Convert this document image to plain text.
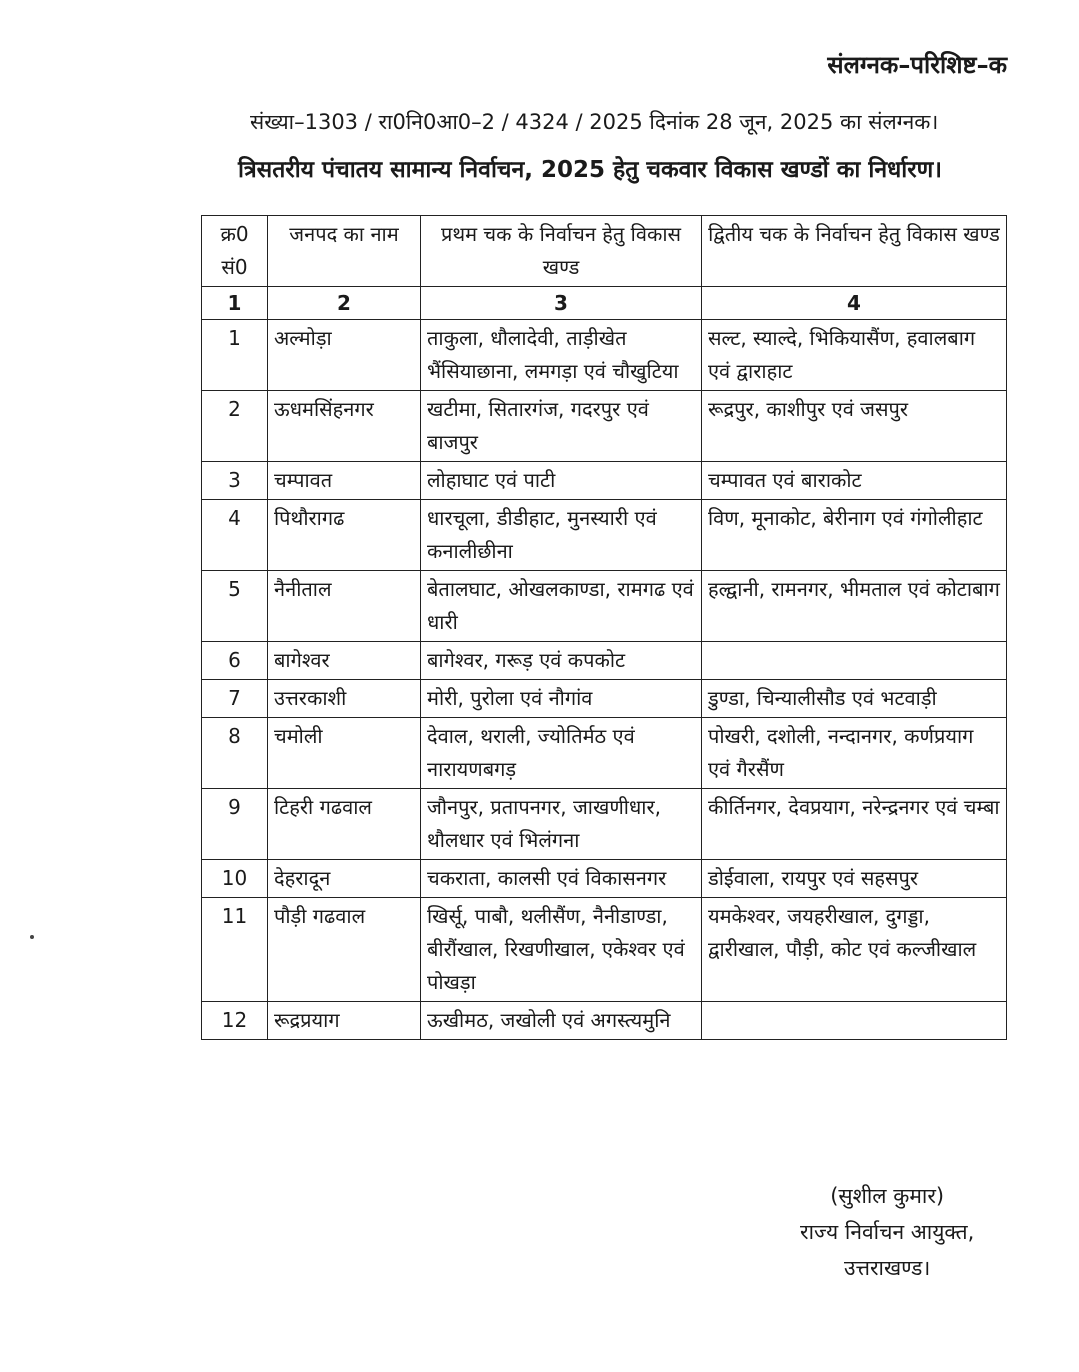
संलग्नक–परिशिष्ट–क
संख्या–1303 / रा0नि0आ0–2 / 4324 / 2025 दिनांक 28 जून, 2025 का संलग्नक।
त्रिसतरीय पंचातय सामान्य निर्वाचन, 2025 हेतु चकवार विकास खण्डों का निर्धारण।
क्र0 सं0	जनपद का नाम	प्रथम चक के निर्वाचन हेतु विकास खण्ड	द्वितीय चक के निर्वाचन हेतु विकास खण्ड
1	2	3	4
1	अल्मोड़ा	ताकुला, धौलादेवी, ताड़ीखेत भैंसियाछाना, लमगड़ा एवं चौखुटिया	सल्ट, स्याल्दे, भिकियासैंण, हवालबाग एवं द्वाराहाट
2	ऊधमसिंहनगर	खटीमा, सितारगंज, गदरपुर एवं बाजपुर	रूद्रपुर, काशीपुर एवं जसपुर
3	चम्पावत	लोहाघाट एवं पाटी	चम्पावत एवं बाराकोट
4	पिथौरागढ	धारचूला, डीडीहाट, मुनस्यारी एवं कनालीछीना	विण, मूनाकोट, बेरीनाग एवं गंगोलीहाट
5	नैनीताल	बेतालघाट, ओखलकाण्डा, रामगढ एवं धारी	हल्द्वानी, रामनगर, भीमताल एवं कोटाबाग
6	बागेश्वर	बागेश्वर, गरूड़ एवं कपकोट	
7	उत्तरकाशी	मोरी, पुरोला एवं नौगांव	डुण्डा, चिन्यालीसौड एवं भटवाड़ी
8	चमोली	देवाल, थराली, ज्योतिर्मठ एवं नारायणबगड़	पोखरी, दशोली, नन्दानगर, कर्णप्रयाग एवं गैरसैंण
9	टिहरी गढवाल	जौनपुर, प्रतापनगर, जाखणीधार, थौलधार एवं भिलंगना	कीर्तिनगर, देवप्रयाग, नरेन्द्रनगर एवं चम्बा
10	देहरादून	चकराता, कालसी एवं विकासनगर	डोईवाला, रायपुर एवं सहसपुर
11	पौड़ी गढवाल	खिर्सू, पाबौ, थलीसैंण, नैनीडाण्डा, बीरौंखाल, रिखणीखाल, एकेश्वर एवं पोखड़ा	यमकेश्वर, जयहरीखाल, दुगड्डा, द्वारीखाल, पौड़ी, कोट एवं कल्जीखाल
12	रूद्रप्रयाग	ऊखीमठ, जखोली एवं अगस्त्यमुनि	
(सुशील कुमार)
राज्य निर्वाचन आयुक्त,
उत्तराखण्ड।
